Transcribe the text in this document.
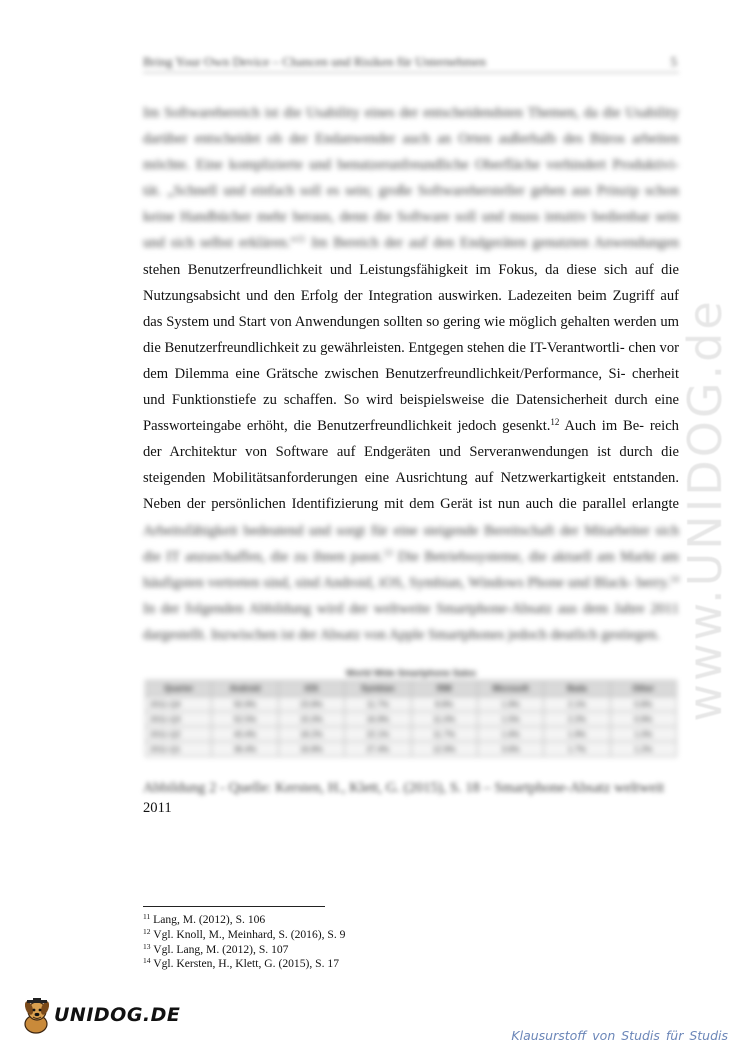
Bring Your Own Device – Chancen und Risiken für Unternehmen	5
www.UNIDOG.de

Im Softwarebereich ist die Usability eines der entscheidendsten Themen, da die Usability darüber entscheidet ob der Endanwender auch an Orten außerhalb des Büros arbeiten möchte. Eine komplizierte und benutzerunfreundliche Oberfläche verhindert Produktivi- tät. „Schnell und einfach soll es sein; große Softwarehersteller geben aus Prinzip schon keine Handbücher mehr heraus, denn die Software soll und muss intuitiv bedienbar sein und sich selbst erklären.“$^{11}$ Im Bereich der auf den Endgeräten genutzten Anwendungen stehen Benutzerfreundlichkeit und Leistungsfähigkeit im Fokus, da diese sich auf die Nutzungsabsicht und den Erfolg der Integration auswirken. Ladezeiten beim Zugriff auf das System und Start von Anwendungen sollten so gering wie möglich gehalten werden um die Benutzerfreundlichkeit zu gewährleisten. Entgegen stehen die IT-Verantwortli- chen vor dem Dilemma eine Grätsche zwischen Benutzerfreundlichkeit/Performance, Si- cherheit und Funktionstiefe zu schaffen. So wird beispielsweise die Datensicherheit durch eine Passworteingabe erhöht, die Benutzerfreundlichkeit jedoch gesenkt.$^{12}$ Auch im Be- reich der Architektur von Software auf Endgeräten und Serveranwendungen ist durch die steigenden Mobilitätsanforderungen eine Ausrichtung auf Netzwerkartigkeit entstanden. Neben der persönlichen Identifizierung mit dem Gerät ist nun auch die parallel erlangte Arbeitsfähigkeit bedeutend und sorgt für eine steigende Bereitschaft der Mitarbeiter sich die IT anzuschaffen, die zu ihnen passt.$^{13}$ Die Betriebssysteme, die aktuell am Markt am häufigsten vertreten sind, sind Android, iOS, Symbian, Windows Phone und Black- berry.$^{14}$ In der folgenden Abbildung wird der weltweite Smartphone-Absatz aus dem Jahre 2011 dargestellt. Inzwischen ist der Absatz von Apple Smartphones jedoch deutlich gestiegen.

World Wide Smartphone Sales
Quarter	Android	iOS	Symbian	RIM	Microsoft	Bada	Other
2011-Q4	50.9%	23.8%	11.7%	8.8%	1.9%	2.1%	0.8%
2011-Q3	52.5%	15.0%	16.9%	11.0%	1.5%	2.2%	0.9%
2011-Q2	43.4%	18.2%	22.1%	11.7%	1.6%	1.9%	1.0%
2011-Q1	36.4%	16.8%	27.4%	12.9%	3.6%	1.7%	1.2%
Abbildung 2 - Quelle: Kersten, H., Klett, G. (2015), S. 18 – Smartphone-Absatz weltweit
2011
$^{11}$ Lang, M. (2012), S. 106
$^{12}$ Vgl. Knoll, M., Meinhard, S. (2016), S. 9
$^{13}$ Vgl. Lang, M. (2012), S. 107
$^{14}$ Vgl. Kersten, H., Klett, G. (2015), S. 17
UNIDOG.DE
Klausurstoff von Studis für Studis
